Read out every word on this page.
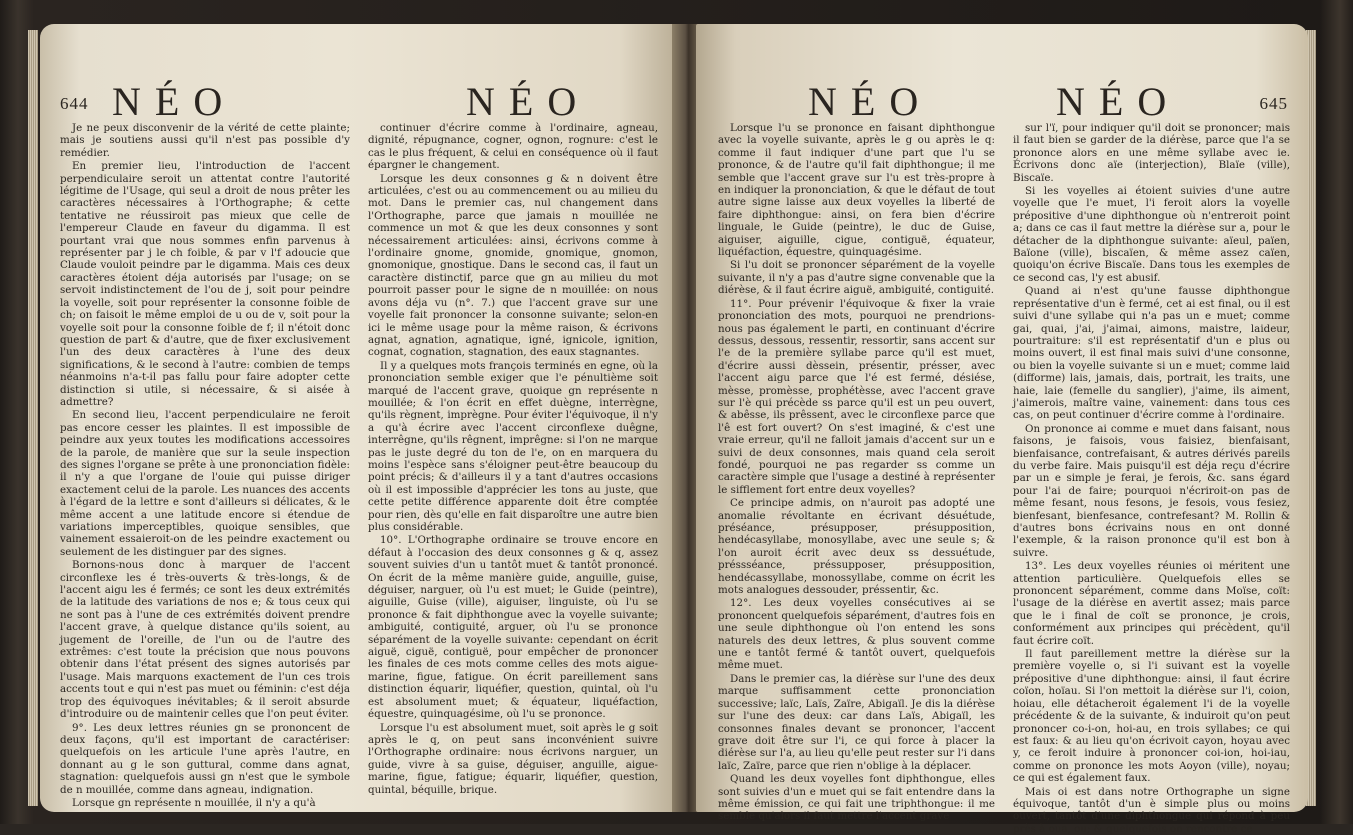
644 NÉO	NÉO

Je ne peux disconvenir de la vérité de cette plainte; mais je soutiens aussi qu'il n'est pas possible d'y remédier.

En premier lieu, l'introduction de l'accent perpendiculaire seroit un attentat contre l'autorité légitime de l'Usage, qui seul a droit de nous prêter les caractères nécessaires à l'Orthographe; & cette tentative ne réussiroit pas mieux que celle de l'empereur Claude en faveur du digamma. Il est pourtant vrai que nous sommes enfin parvenus à représenter par j le ch foible, & par v l'f adoucie que Claude vouloit peindre par le digamma. Mais ces deux caractères étoient déja autorisés par l'usage; on se servoit indistinctement de l'ou de j, soit pour peindre la voyelle, soit pour représenter la consonne foible de ch; on faisoit le même emploi de u ou de v, soit pour la voyelle soit pour la consonne foible de f; il n'étoit donc question de part & d'autre, que de fixer exclusivement l'un des deux caractères à l'une des deux significations, & le second à l'autre: combien de temps néanmoins n'a-t-il pas fallu pour faire adopter cette distinction si utile, si nécessaire, & si aisée à admettre?

En second lieu, l'accent perpendiculaire ne feroit pas encore cesser les plaintes. Il est impossible de peindre aux yeux toutes les modifications accessoires de la parole, de manière que sur la seule inspection des signes l'organe se prête à une prononciation fidèle: il n'y a que l'organe de l'ouie qui puisse diriger exactement celui de la parole. Les nuances des accents à l'égard de la lettre e sont d'ailleurs si délicates, & le même accent a une latitude encore si étendue de variations imperceptibles, quoique sensibles, que vainement essaieroit-on de les peindre exactement ou seulement de les distinguer par des signes.

Bornons-nous donc à marquer de l'accent circonflexe les é très-ouverts & très-longs, & de l'accent aigu les é fermés; ce sont les deux extrémités de la latitude des variations de nos e; & tous ceux qui ne sont pas à l'une de ces extrémités doivent prendre l'accent grave, à quelque distance qu'ils soient, au jugement de l'oreille, de l'un ou de l'autre des extrêmes: c'est toute la précision que nous pouvons obtenir dans l'état présent des signes autorisés par l'usage. Mais marquons exactement de l'un ces trois accents tout e qui n'est pas muet ou féminin: c'est déja trop des équivoques inévitables; & il seroit absurde d'introduire ou de maintenir celles que l'on peut éviter.

9°. Les deux lettres réunies gn se prononcent de deux façons, qu'il est important de caractériser: quelquefois on les articule l'une après l'autre, en donnant au g le son guttural, comme dans agnat, stagnation: quelquefois aussi gn n'est que le symbole de n mouillée, comme dans agneau, indignation.

Lorsque gn représente n mouillée, il n'y a qu'à

continuer d'écrire comme à l'ordinaire, agneau, dignité, répugnance, cogner, ognon, rognure: c'est le cas le plus fréquent, & celui en conséquence où il faut épargner le changement.

Lorsque les deux consonnes g & n doivent être articulées, c'est ou au commencement ou au milieu du mot. Dans le premier cas, nul changement dans l'Orthographe, parce que jamais n mouillée ne commence un mot & que les deux consonnes y sont nécessairement articulées: ainsi, écrivons comme à l'ordinaire gnome, gnomide, gnomique, gnomon, gnomonique, gnostique. Dans le second cas, il faut un caractère distinctif, parce que gn au milieu du mot pourroit passer pour le signe de n mouillée: on nous avons déja vu (n°. 7.) que l'accent grave sur une voyelle fait prononcer la consonne suivante; selon-en ici le même usage pour la même raison, & écrivons agnat, agnation, agnatique, igné, ignicole, ignition, cognat, cognation, stagnation, des eaux stagnantes.

Il y a quelques mots françois terminés en egne, où la prononciation semble exiger que l'e pénultième soit marqué de l'accent grave, quoique gn représente n mouillée; & l'on écrit en effet duègne, interrègne, qu'ils règnent, imprègne. Pour éviter l'équivoque, il n'y a qu'à écrire avec l'accent circonflexe duêgne, interrêgne, qu'ils rêgnent, imprêgne: si l'on ne marque pas le juste degré du ton de l'e, on en marquera du moins l'espèce sans s'éloigner peut-être beaucoup du point précis; & d'ailleurs il y a tant d'autres occasions où il est impossible d'apprécier les tons au juste, que cette petite différence apparente doit être comptée pour rien, dès qu'elle en fait disparoître une autre bien plus considérable.

10°. L'Orthographe ordinaire se trouve encore en défaut à l'occasion des deux consonnes g & q, assez souvent suivies d'un u tantôt muet & tantôt prononcé. On écrit de la même manière guide, anguille, guise, déguiser, narguer, où l'u est muet; le Guide (peintre), aiguille, Guise (ville), aiguiser, linguiste, où l'u se prononce & fait diphthongue avec la voyelle suivante; ambiguité, contiguité, arguer, où l'u se prononce séparément de la voyelle suivante: cependant on écrit aiguë, ciguë, contiguë, pour empêcher de prononcer les finales de ces mots comme celles des mots aigue-marine, figue, fatigue. On écrit pareillement sans distinction équarir, liquéfier, question, quintal, où l'u est absolument muet; & équateur, liquéfaction, équestre, quinquagésime, où l'u se prononce.

Lorsque l'u est absolument muet, soit après le g soit après le q, on peut sans inconvénient suivre l'Orthographe ordinaire: nous écrivons narguer, un guide, vivre à sa guise, déguiser, anguille, aigue-marine, figue, fatigue; équarir, liquéfier, question, quintal, béquille, brique.

NÉO	NÉO	645

Lorsque l'u se prononce en faisant diphthongue avec la voyelle suivante, après le g ou après le q: comme il faut indiquer d'une part que l'u se prononce, & de l'autre qu'il fait diphthongue; il me semble que l'accent grave sur l'u est très-propre à en indiquer la prononciation, & que le défaut de tout autre signe laisse aux deux voyelles la liberté de faire diphthongue: ainsi, on fera bien d'écrire linguale, le Guide (peintre), le duc de Guise, aiguiser, aiguille, cigue, contiguë, équateur, liquéfaction, équestre, quinquagésime.

Si l'u doit se prononcer séparément de la voyelle suivante, il n'y a pas d'autre signe convenable que la diérèse, & il faut écrire aiguë, ambiguité, contiguité.

11°. Pour prévenir l'équivoque & fixer la vraie prononciation des mots, pourquoi ne prendrions-nous pas également le parti, en continuant d'écrire dessus, dessous, ressentir, ressortir, sans accent sur l'e de la première syllabe parce qu'il est muet, d'écrire aussi dèssein, présentir, présser, avec l'accent aigu parce que l'é est fermé, désiése, mèsse, promèsse, prophétèsse, avec l'accent grave sur l'è qui précède ss parce qu'il est un peu ouvert, & abêsse, ils prêssent, avec le circonflexe parce que l'ê est fort ouvert? On s'est imaginé, & c'est une vraie erreur, qu'il ne falloit jamais d'accent sur un e suivi de deux consonnes, mais quand cela seroit fondé, pourquoi ne pas regarder ss comme un caractère simple que l'usage a destiné à représenter le sifflement fort entre deux voyelles?

Ce principe admis, on n'auroit pas adopté une anomalie révoltante en écrivant désuétude, préséance, présupposer, présupposition, hendécasyllabe, monosyllabe, avec une seule s; & l'on auroit écrit avec deux ss dessuétude, préssséance, préssupposer, présupposition, hendécassyllabe, monossyllabe, comme on écrit les mots analogues dessouder, préssentir, &c.

12°. Les deux voyelles consécutives ai se prononcent quelquefois séparément, d'autres fois en une seule diphthongue où l'on entend les sons naturels des deux lettres, & plus souvent comme une e tantôt fermé & tantôt ouvert, quelquefois même muet.

Dans le premier cas, la diérèse sur l'une des deux marque suffisamment cette prononciation successive; laïc, Laïs, Zaïre, Abigaïl. Je dis la diérèse sur l'une des deux: car dans Laïs, Abigaïl, les consonnes finales devant se prononcer, l'accent grave doit être sur l'i, ce qui force à placer la diérèse sur l'a, au lieu qu'elle peut rester sur l'i dans laïc, Zaïre, parce que rien n'oblige à la déplacer.

Quand les deux voyelles font diphthongue, elles sont suivies d'un e muet qui se fait entendre dans la même émission, ce qui fait une triphthongue: il me semble qu'alors il faut mettre l'accent grave

sur l'ï, pour indiquer qu'il doit se prononcer; mais il faut bien se garder de la diérèse, parce que l'a se prononce alors en une même syllabe avec ie. Écrivons donc aïe (interjection), Blaïe (ville), Biscaïe.

Si les voyelles ai étoient suivies d'une autre voyelle que l'e muet, l'i feroit alors la voyelle prépositive d'une diphthongue où n'entreroit point a; dans ce cas il faut mettre la diérèse sur a, pour le détacher de la diphthongue suivante: aïeul, païen, Baïone (ville), biscaïen, & même assez caïen, quoiqu'on écrive Biscaïe. Dans tous les exemples de ce second cas, l'y est abusif.

Quand ai n'est qu'une fausse diphthongue représentative d'un è fermé, cet ai est final, ou il est suivi d'une syllabe qui n'a pas un e muet; comme gai, quai, j'ai, j'aimai, aimons, maistre, laideur, pourtraiture: s'il est représentatif d'un e plus ou moins ouvert, il est final mais suivi d'une consonne, ou bien la voyelle suivante si un e muet; comme laid (difforme) lais, jamais, dais, portrait, les traits, une haie, laie (femelle du sanglier), j'aime, ils aiment, j'aimerois, maître vaine, vainement: dans tous ces cas, on peut continuer d'écrire comme à l'ordinaire.

On prononce ai comme e muet dans faisant, nous faisons, je faisois, vous faisiez, bienfaisant, bienfaisance, contrefaisant, & autres dérivés pareils du verbe faire. Mais puisqu'il est déja reçu d'écrire par un e simple je ferai, je ferois, &c. sans égard pour l'ai de faire; pourquoi n'écriroit-on pas de même fesant, nous fesons, je fesois, vous fesiez, bienfesant, bienfesance, contrefesant? M. Rollin & d'autres bons écrivains nous en ont donné l'exemple, & la raison prononce qu'il est bon à suivre.

13°. Les deux voyelles réunies oi méritent une attention particulière. Quelquefois elles se prononcent séparément, comme dans Moïse, coït: l'usage de la diérèse en avertit assez; mais parce que le i final de coït se prononce, je crois, conformément aux principes qui précèdent, qu'il faut écrire coït.

Il faut pareillement mettre la diérèse sur la première voyelle o, si l'i suivant est la voyelle prépositive d'une diphthongue: ainsi, il faut écrire coïon, hoïau. Si l'on mettoit la diérèse sur l'i, coion, hoiau, elle détacheroit également l'i de la voyelle précédente & de la suivante, & induiroit qu'on peut prononcer co-i-on, hoi-au, en trois syllabes; ce qui est faux: & au lieu qu'on écrivoit cayon, hoyau avec y, ce feroit induire à prononcer coi-ion, hoi-iau, comme on prononce les mots Aoyon (ville), noyau; ce qui est également faux.

Mais oi est dans notre Orthographe un signe équivoque, tantôt d'un è simple plus ou moins ouvert, tantôt d'une diphthongue qui répond à peu près à oua, ou; & quelquefois on rencontre ce
